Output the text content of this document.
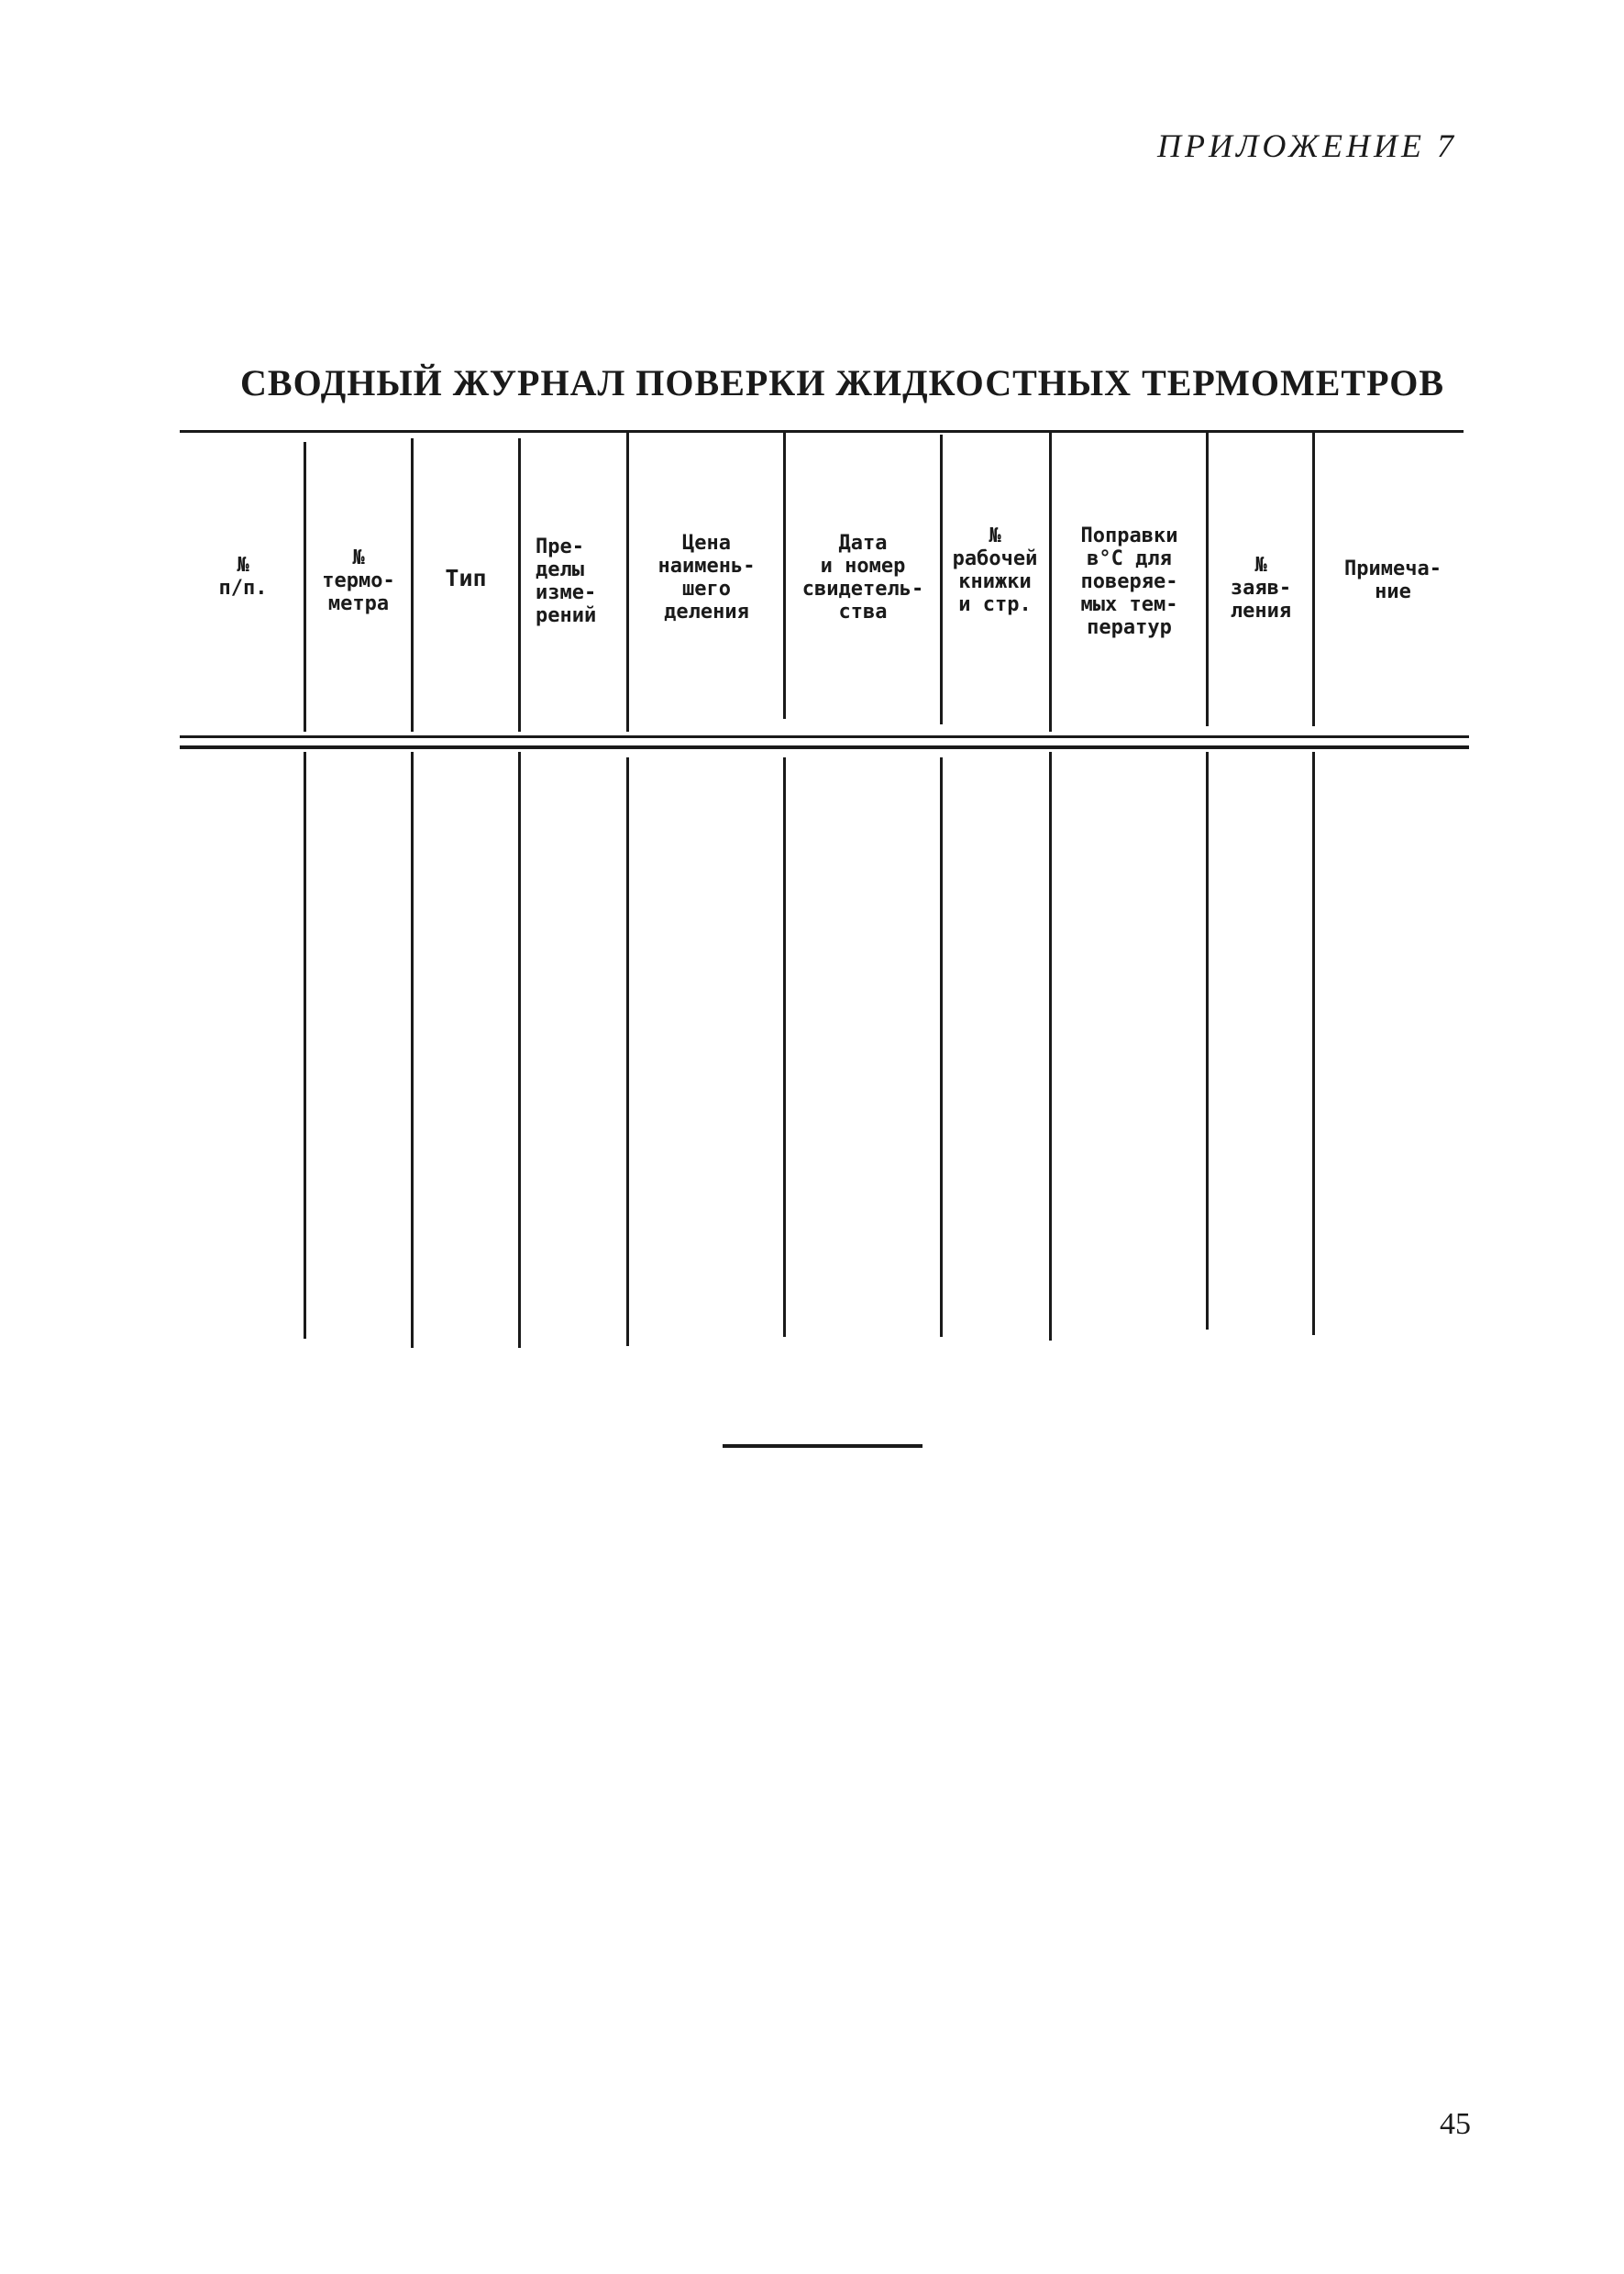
ПРИЛОЖЕНИЕ 7
СВОДНЫЙ ЖУРНАЛ ПОВЕРКИ ЖИДКОСТНЫХ ТЕРМОМЕТРОВ
№
п/п.
№
термо-
метра
Тип
Пре-
делы
изме-
рений
Цена
наимень-
шего
деления
Дата
и номер
свидетель-
ства
№
рабочей
книжки
и стр.
Поправки
в°С для
поверяе-
мых тем-
ператур
№
заяв-
ления
Примеча-
ние
45
